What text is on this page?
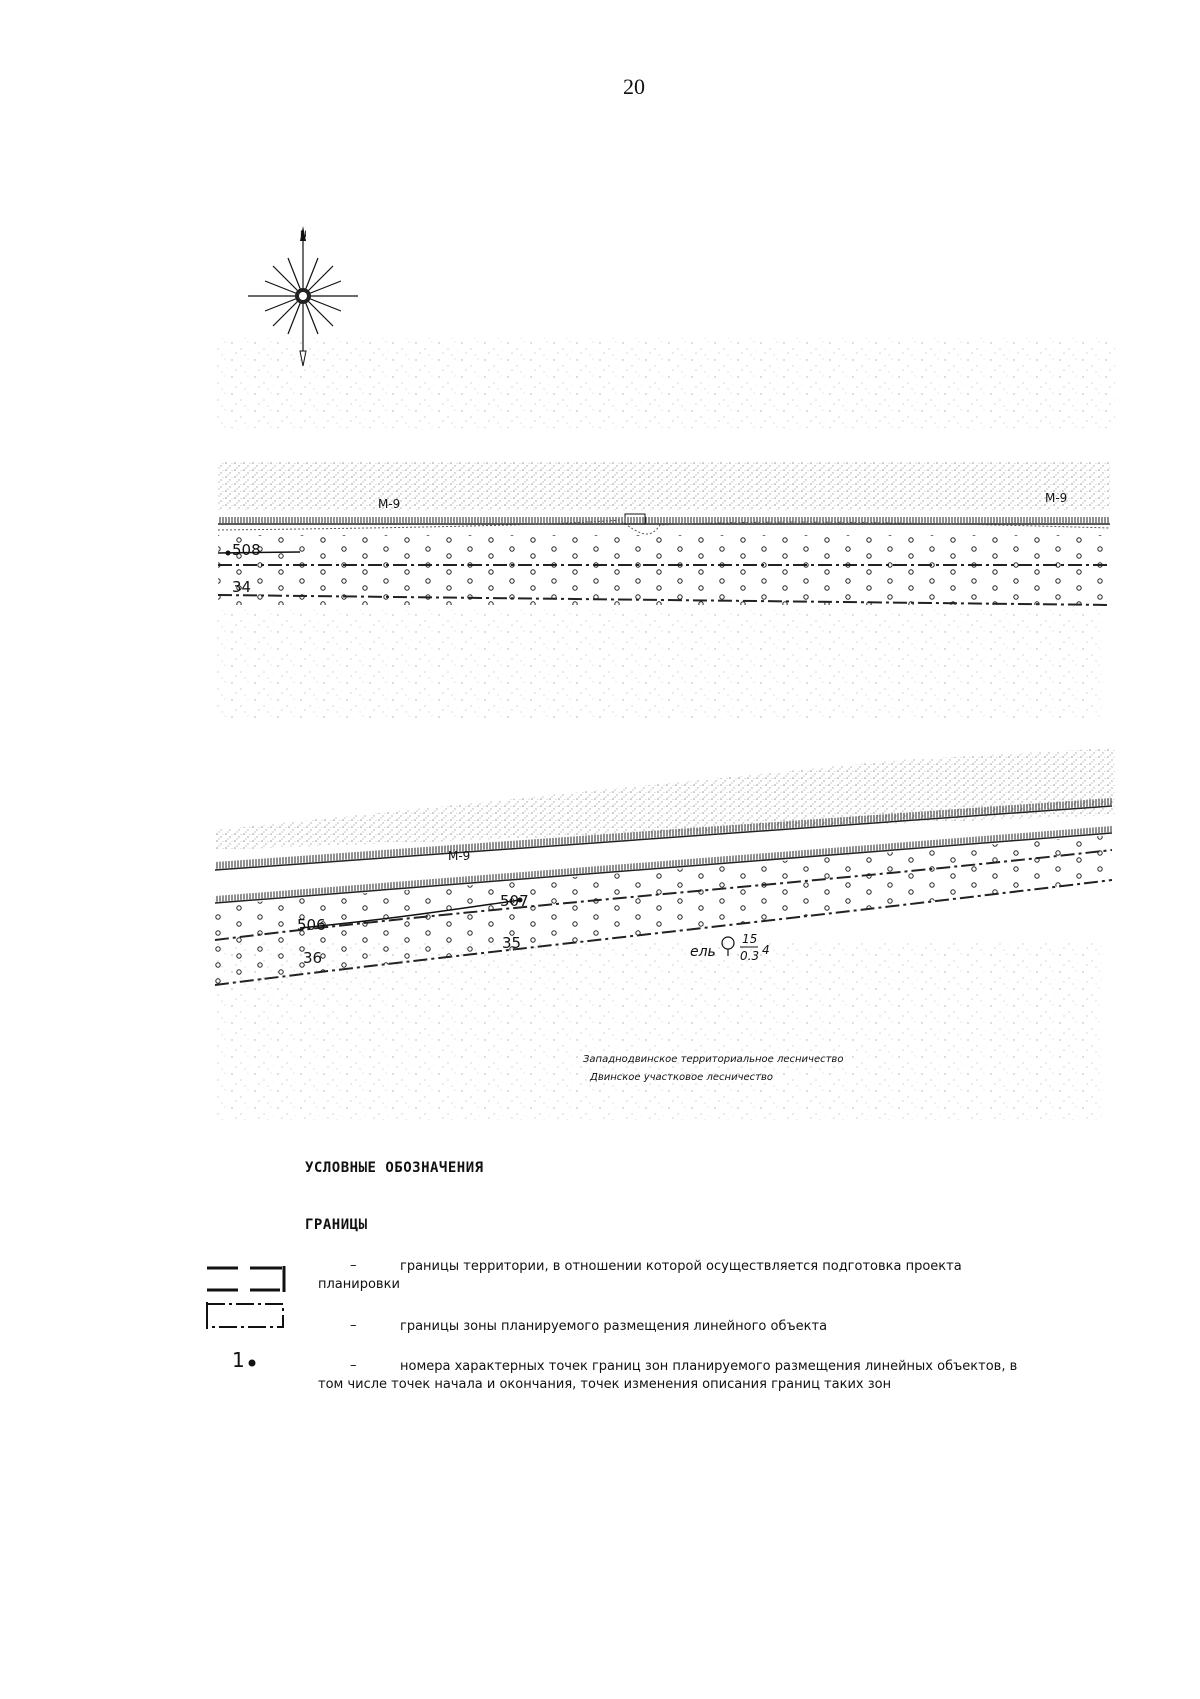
20
N
М-9	М-9
508
34
М-9
506
507
35
36	ель
15
0.3 4
Западнодвинское территориальное лесничество
Двинское участковое лесничество
1
УСЛОВНЫЕ ОБОЗНАЧЕНИЯ
ГРАНИЦЫ
–	границы территории, в отношении которой осуществляется подготовка проекта планировки
–	границы зоны планируемого размещения линейного объекта
–	номера характерных точек границ зон планируемого размещения линейных объектов, в том числе точек начала и окончания, точек изменения описания границ таких зон
